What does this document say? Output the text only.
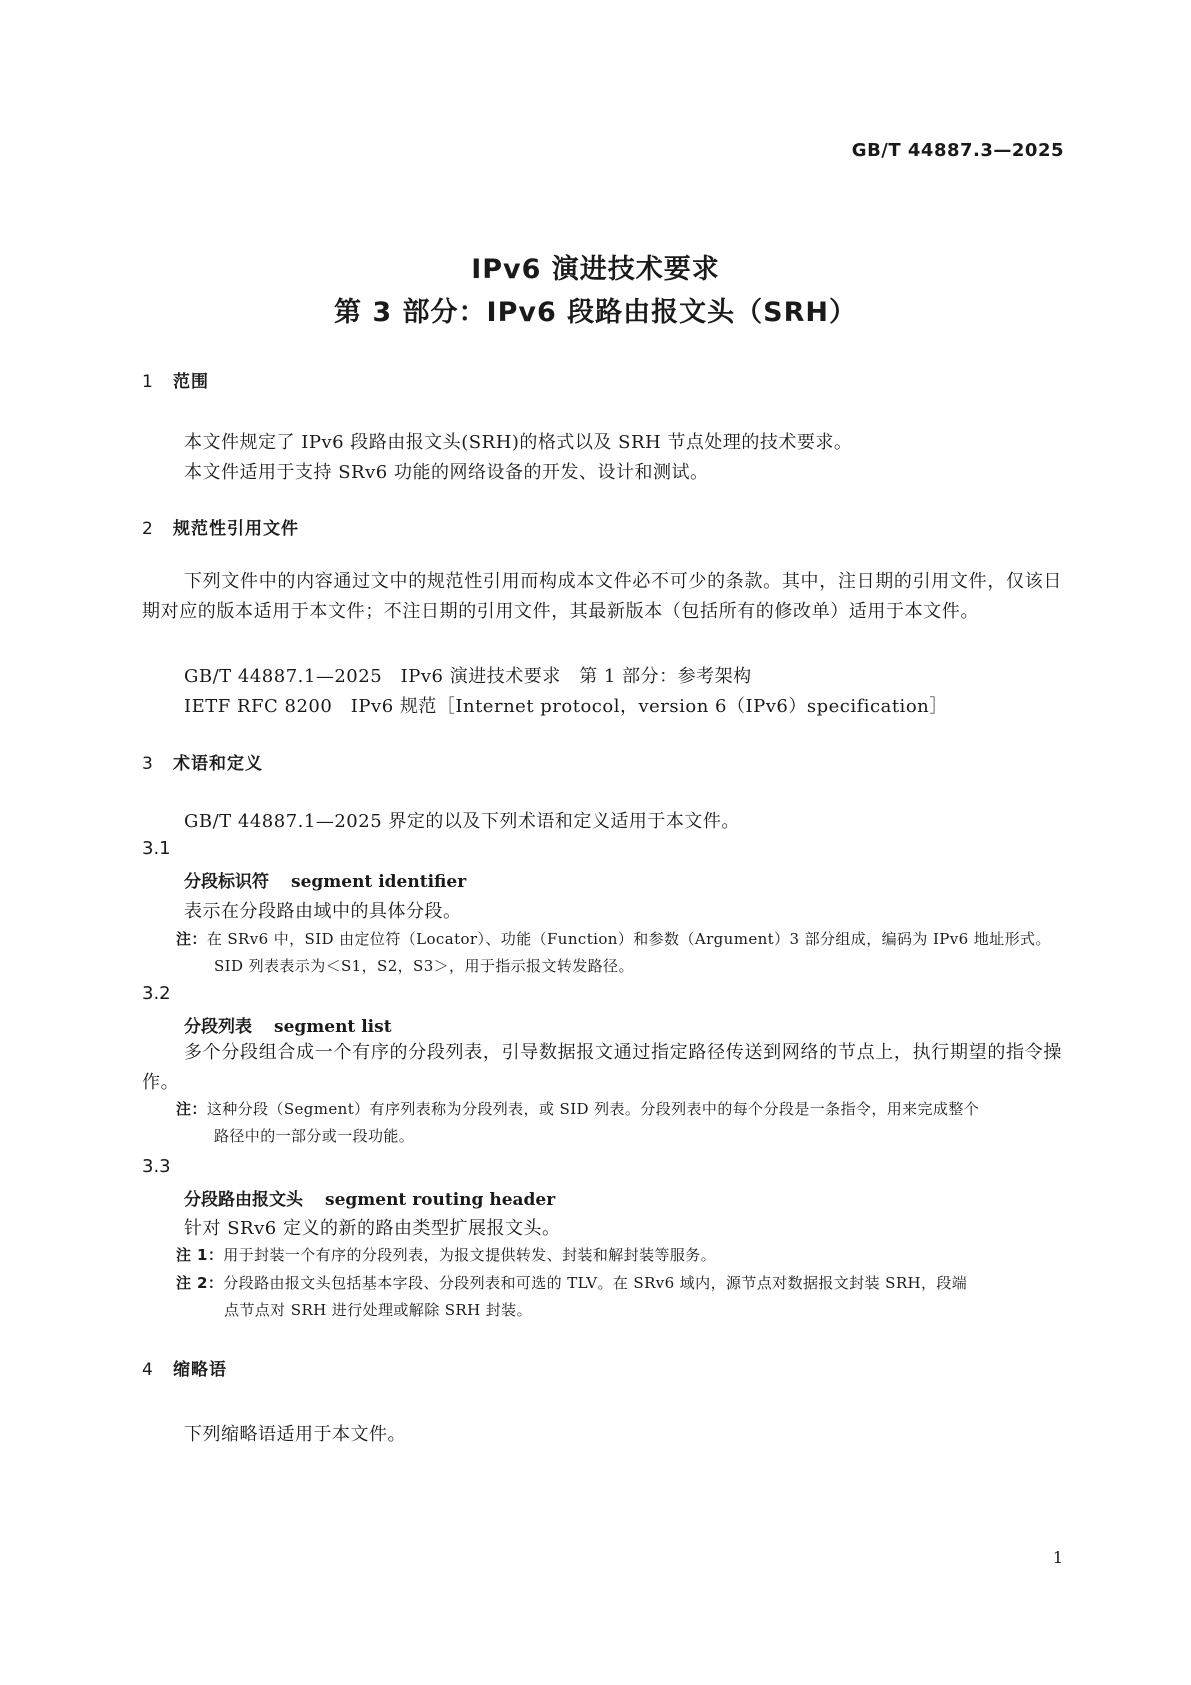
GB/T 44887.3—2025
IPv6 演进技术要求
第 3 部分：IPv6 段路由报文头（SRH）
1 范围
本文件规定了 IPv6 段路由报文头(SRH)的格式以及 SRH 节点处理的技术要求。
本文件适用于支持 SRv6 功能的网络设备的开发、设计和测试。
2 规范性引用文件
下列文件中的内容通过文中的规范性引用而构成本文件必不可少的条款。其中，注日期的引用文件，仅该日期对应的版本适用于本文件；不注日期的引用文件，其最新版本（包括所有的修改单）适用于本文件。
GB/T 44887.1—2025　IPv6 演进技术要求　第 1 部分：参考架构
IETF RFC 8200　IPv6 规范［Internet protocol，version 6（IPv6）specification］
3 术语和定义
GB/T 44887.1—2025 界定的以及下列术语和定义适用于本文件。
3.1
分段标识符 segment identifier
表示在分段路由域中的具体分段。
注：在 SRv6 中，SID 由定位符（Locator）、功能（Function）和参数（Argument）3 部分组成，编码为 IPv6 地址形式。
SID 列表表示为＜S1，S2，S3＞，用于指示报文转发路径。
3.2
分段列表 segment list
多个分段组合成一个有序的分段列表，引导数据报文通过指定路径传送到网络的节点上，执行期望的指令操作。
注：这种分段（Segment）有序列表称为分段列表，或 SID 列表。分段列表中的每个分段是一条指令，用来完成整个
路径中的一部分或一段功能。
3.3
分段路由报文头 segment routing header
针对 SRv6 定义的新的路由类型扩展报文头。
注 1：用于封装一个有序的分段列表，为报文提供转发、封装和解封装等服务。
注 2：分段路由报文头包括基本字段、分段列表和可选的 TLV。在 SRv6 域内，源节点对数据报文封装 SRH，段端
点节点对 SRH 进行处理或解除 SRH 封装。
4 缩略语
下列缩略语适用于本文件。
1
